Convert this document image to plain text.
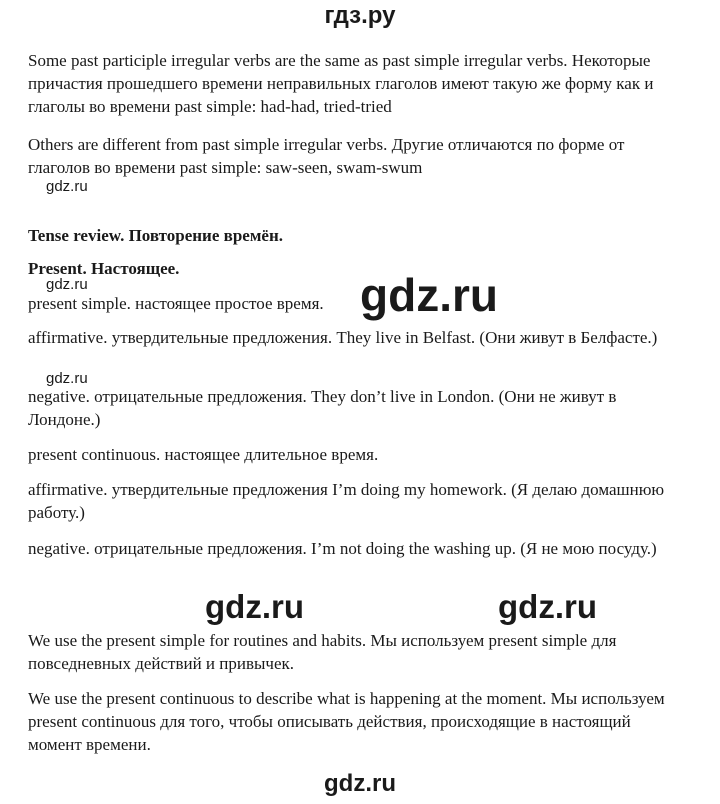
гдз.ру
Some past participle irregular verbs are the same as past simple irregular verbs. Некоторые причастия прошедшего времени неправильных глаголов имеют такую же форму как и глаголы во времени past simple: had-had, tried-tried
Others are different from past simple irregular verbs. Другие отличаются по форме от глаголов во времени past simple: saw-seen, swam-swum
gdz.ru
Tense review. Повторение времён.
Present. Настоящее.
gdz.ru
present simple. настоящее простое время. gdz.ru
affirmative. утвердительные предложения. They live in Belfast. (Они живут в Белфасте.)
gdz.ru
negative. отрицательные предложения. They don’t live in London. (Они не живут в Лондоне.)
present continuous. настоящее длительное время.
affirmative. утвердительные предложения I’m doing my homework. (Я делаю домашнюю работу.)
negative. отрицательные предложения. I’m not doing the washing up. (Я не мою посуду.)
gdz.ru	gdz.ru
We use the present simple for routines and habits. Мы используем present simple для повседневных действий и привычек.
We use the present continuous to describe what is happening at the moment. Мы используем present continuous для того, чтобы описывать действия, происходящие в настоящий момент времени.
gdz.ru
